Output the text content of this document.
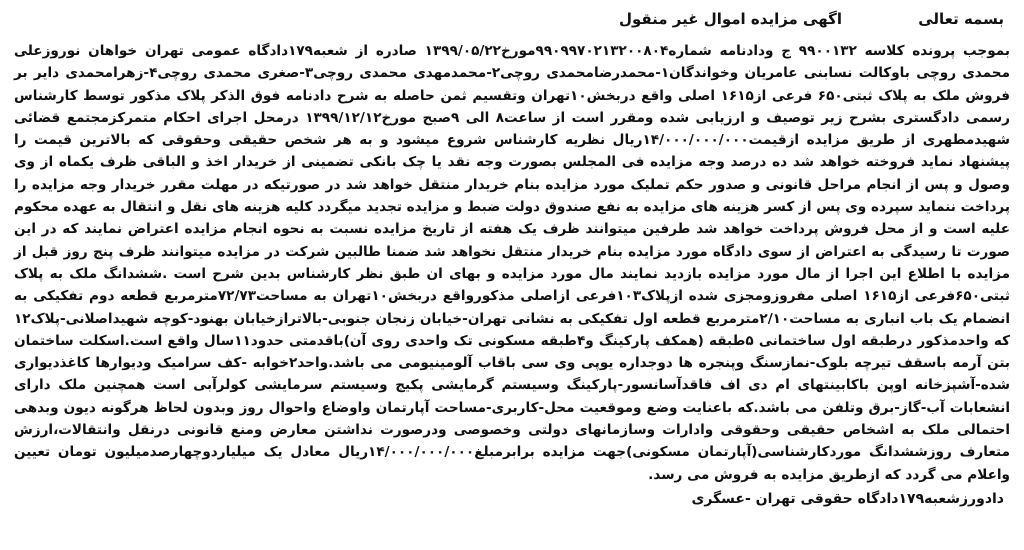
بسمه تعالی
اگهی مزایده اموال غیر منقول

بموجب پرونده کلاسه ۹۹۰۰۱۳۲ ج ودادنامه شماره۹۹۰۹۹۷۰۲۱۳۲۰۰۸۰۴مورخ۱۳۹۹/۰۵/۲۲ صادره از شعبه۱۷۹دادگاه عمومی تهران خواهان نوروزعلی محمدی روچی باوکالت نسابنی عامریان وخواندگان۱-محمدرضامحمدی روچی۲-محمدمهدی محمدی روچی۳-صغری محمدی روچی۴-زهرامحمدی دایر بر فروش ملک به پلاک ثبتی۶۵۰ فرعی از۱۶۱۵ اصلی واقع دربخش۱۰تهران وتقسیم ثمن حاصله به شرح دادنامه فوق الذکر پلاک مذکور توسط کارشناس رسمی دادگستری بشرح زیر توصیف و ارزیابی شده ومقرر است از ساعت۸ الی ۹صبح مورخ۱۳۹۹/۱۲/۱۲ درمحل اجرای احکام متمرکزمجتمع قضائی شهیدمطهری از طریق مزایده ازقیمت۱۴/۰۰۰/۰۰۰/۰۰۰ریال نظریه کارشناس شروع میشود و به هر شخص حقیقی وحقوقی که بالاترین قیمت را پیشنهاد نماید فروخته خواهد شد ده درصد وجه مزایده فی المجلس بصورت وجه نقد یا چک بانکی تضمینی از خریدار اخذ و الباقی ظرف یکماه از وی وصول و پس از انجام مراحل قانونی و صدور حکم تملیک مورد مزایده بنام خریدار منتقل خواهد شد در صورتیکه در مهلت مقرر خریدار وجه مزایده را پرداخت ننماید سپرده وی پس از کسر هزینه های مزایده به نفع صندوق دولت ضبط و مزایده تجدید میگردد کلیه هزینه های نقل و انتقال به عهده محکوم علیه است و از محل فروش پرداخت خواهد شد طرفین میتوانند ظرف یک هفته از تاریخ مزایده نسبت به نحوه انجام مزایده اعتراض نمایند که در این صورت تا رسیدگی به اعتراض از سوی دادگاه مورد مزایده بنام خریدار منتقل نخواهد شد ضمنا طالبین شرکت در مزایده میتوانند ظرف پنج روز قبل از مزایده با اطلاع این اجرا از مال مورد مزایده بازدید نمایند مال مورد مزایده و بهای ان طبق نظر کارشناس بدین شرح است .ششدانگ ملک به پلاک ثبتی۶۵۰فرعی از۱۶۱۵ اصلی مفروزومجزی شده ازپلاک۱۰۳فرعی ازاصلی مذکورواقع دربخش۱۰تهران به مساحت۷۲/۷۳مترمربع قطعه دوم تفکیکی به انضمام یک باب انباری به مساحت۲/۱۰مترمربع قطعه اول تفکیکی به نشانی تهران-خیابان زنجان جنوبی-بالاترازخیابان بهنود-کوچه شهیداصلانی-پلاک۱۲ که واحدمذکور درطبقه اول ساختمانی ۵طبقه (همکف پارکینگ و۴طبقه مسکونی تک واحدی روی آن)باقدمتی حدود۱۱سال واقع است.اسکلت ساختمان بتن آرمه باسقف تیرچه بلوک-نمازسنگ وپنجره ها دوجداره یوپی وی سی باقاب آلومینیومی می باشد.واحد۲خوابه -کف سرامیک ودیوارها کاغذدیواری شده-آشپزخانه اوپن باکابینتهای ام دی اف فاقدآسانسور-پارکینگ وسیستم گرمایشی پکیج وسیستم سرمایشی کولرآبی است همچنین ملک دارای انشعابات آب-گاز-برق وتلفن می باشد.که باعنایت وضع وموقعیت محل-کاربری-مساحت آپارتمان واوضاع واحوال روز وبدون لحاظ هرگونه دیون وبدهی احتمالی ملک به اشخاص حقیقی وحقوقی وادارات وسازمانهای دولتی وخصوصی ودرصورت نداشتن معارض ومنع قانونی درنقل وانتقالات،ارزش متعارف روزششدانگ موردکارشناسی(آپارتمان مسکونی)جهت مزایده برابرمبلغ۱۴/۰۰۰/۰۰۰/۰۰۰ریال معادل یک میلیاردوچهارصدمیلیون تومان تعیین واعلام می گردد که ازطریق مزایده به فروش می رسد.

دادورزشعبه۱۷۹دادگاه حقوقی تهران -عسگری
